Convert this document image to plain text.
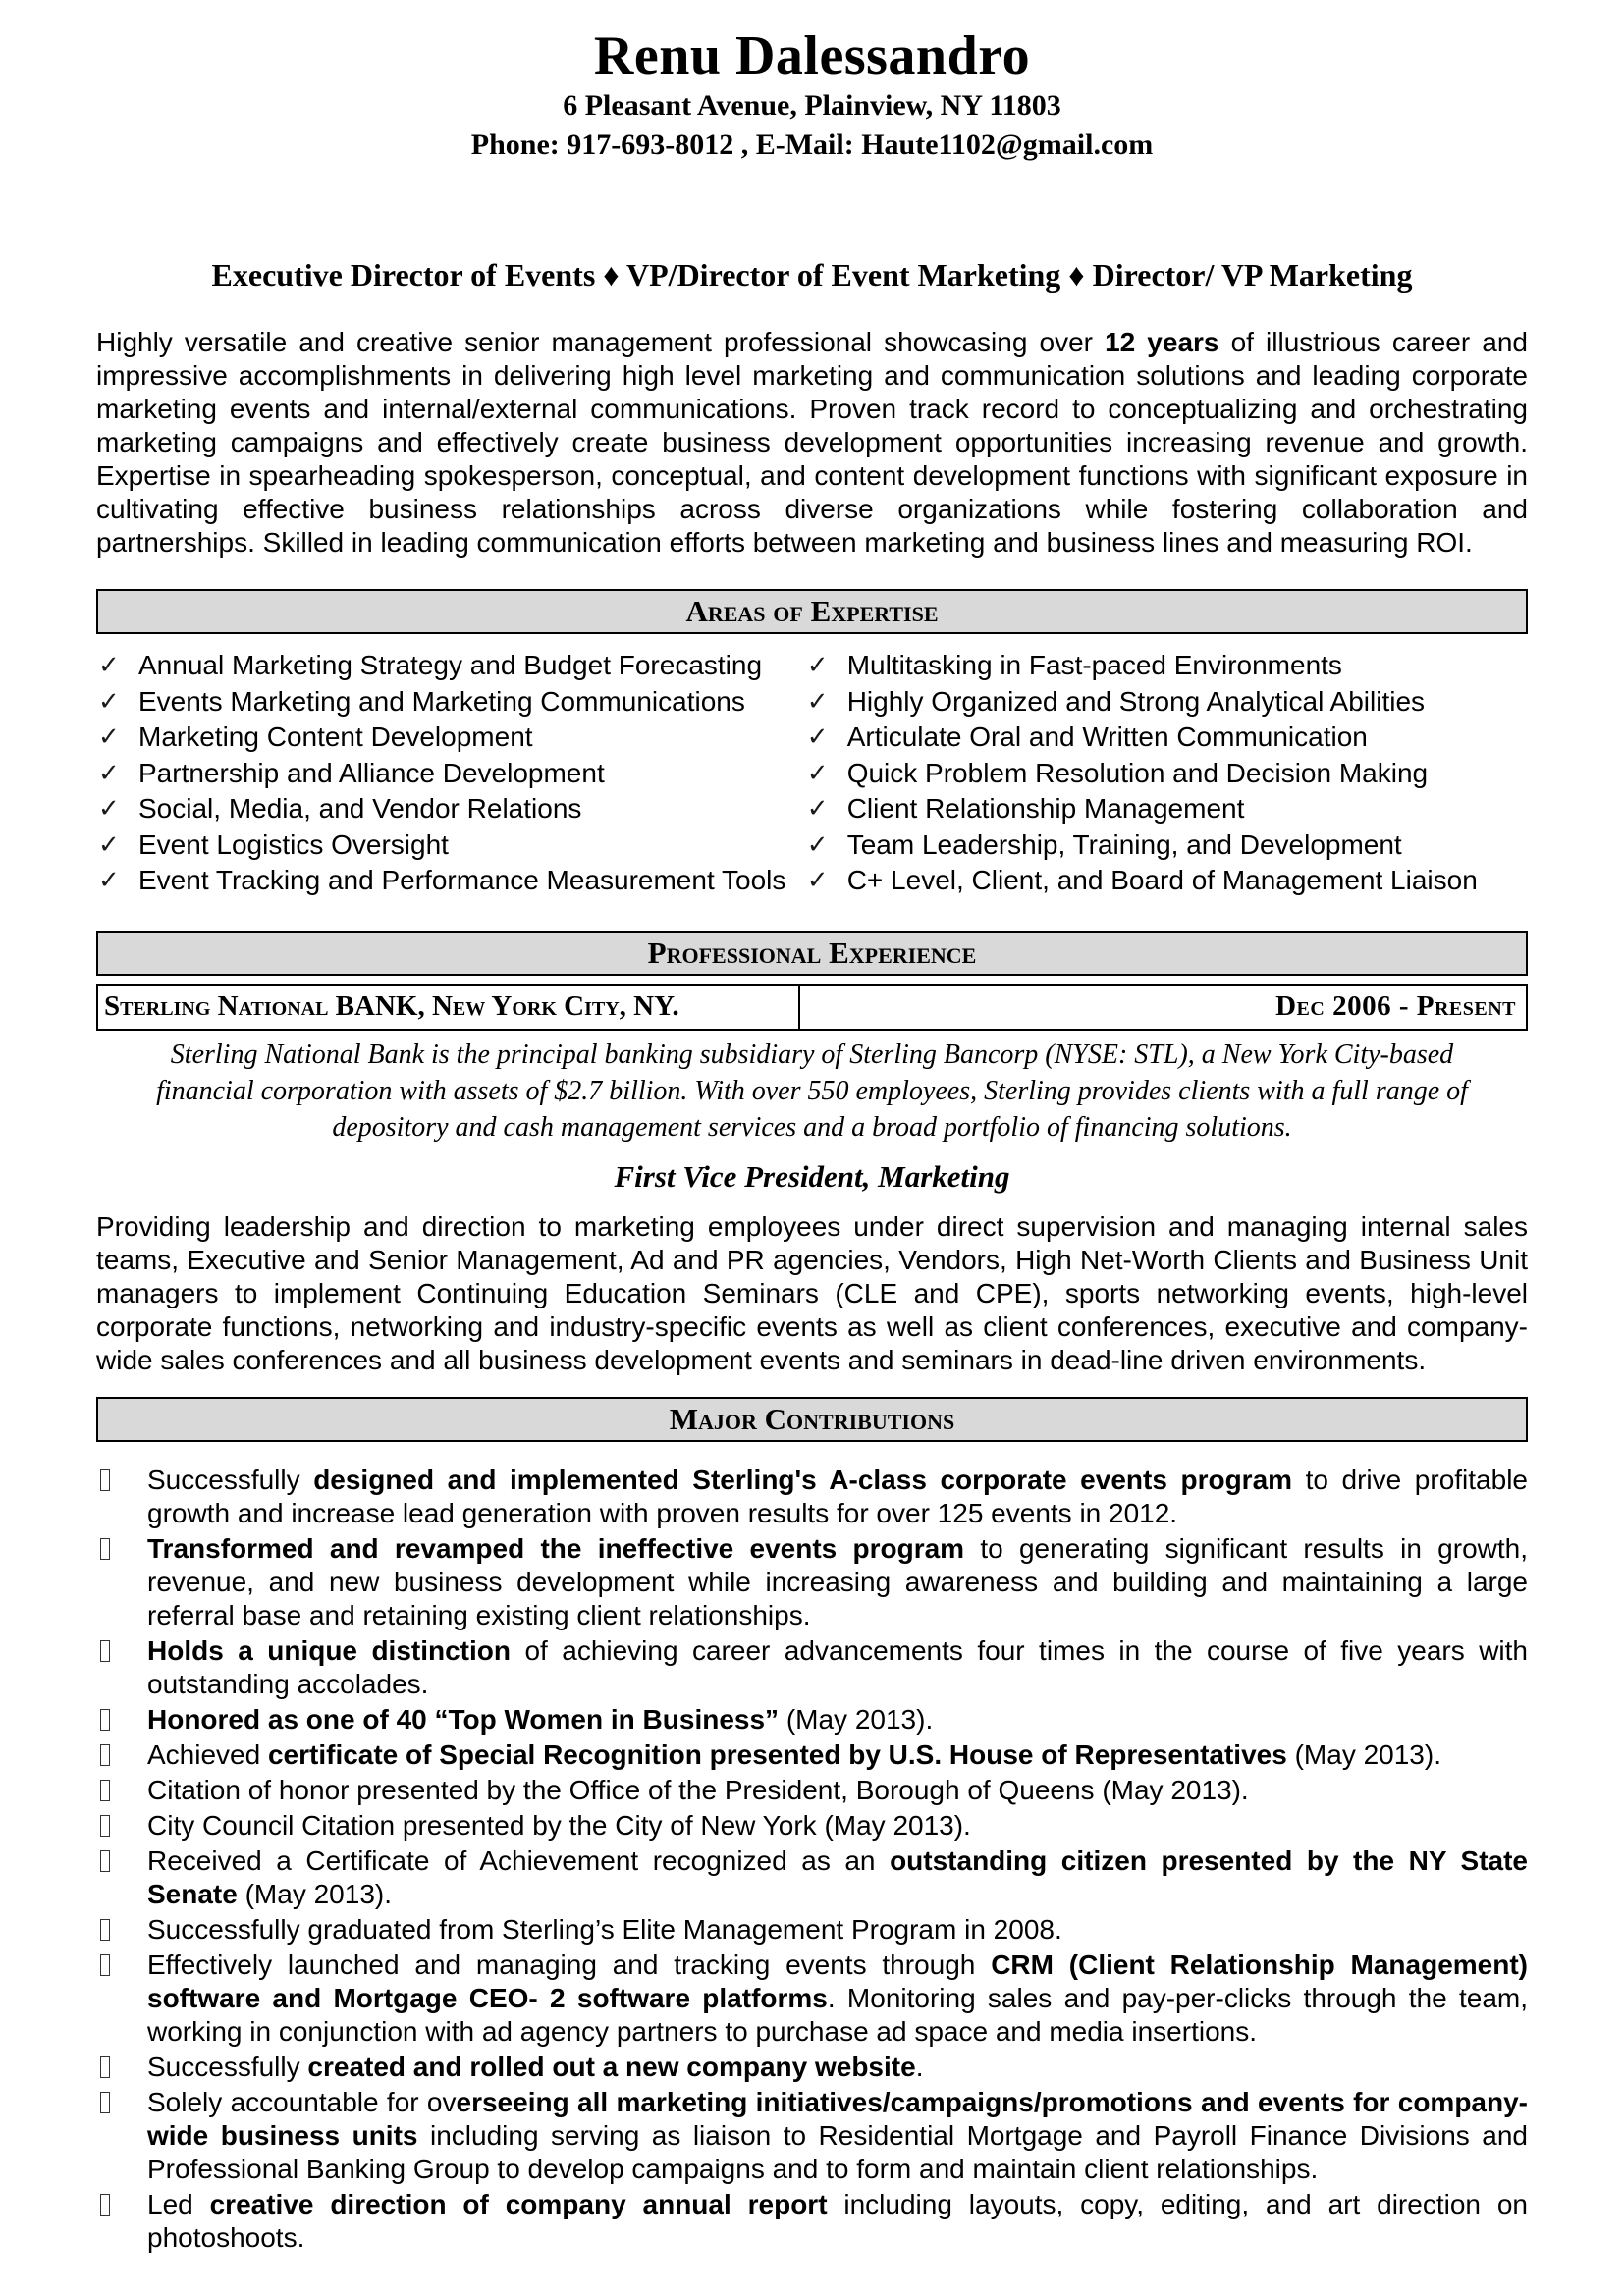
Renu Dalessandro
6 Pleasant Avenue, Plainview, NY 11803
Phone: 917-693-8012 , E-Mail: Haute1102@gmail.com
Executive Director of Events ♦ VP/Director of Event Marketing ♦ Director/ VP Marketing

Highly versatile and creative senior management professional showcasing over 12 years of illustrious career and impressive accomplishments in delivering high level marketing and communication solutions and leading corporate marketing events and internal/external communications. Proven track record to conceptualizing and orchestrating marketing campaigns and effectively create business development opportunities increasing revenue and growth. Expertise in spearheading spokesperson, conceptual, and content development functions with significant exposure in cultivating effective business relationships across diverse organizations while fostering collaboration and partnerships. Skilled in leading communication efforts between marketing and business lines and measuring ROI.

Areas of Expertise
✓ Annual Marketing Strategy and Budget Forecasting
✓ Events Marketing and Marketing Communications
✓ Marketing Content Development
✓ Partnership and Alliance Development
✓ Social, Media, and Vendor Relations
✓ Event Logistics Oversight
✓ Event Tracking and Performance Measurement Tools
✓ Multitasking in Fast-paced Environments
✓ Highly Organized and Strong Analytical Abilities
✓ Articulate Oral and Written Communication
✓ Quick Problem Resolution and Decision Making
✓ Client Relationship Management
✓ Team Leadership, Training, and Development
✓ C+ Level, Client, and Board of Management Liaison
Professional Experience
Sterling National BANK, New York City, NY.	Dec 2006 - Present

Sterling National Bank is the principal banking subsidiary of Sterling Bancorp (NYSE: STL), a New York City-based financial corporation with assets of $2.7 billion. With over 550 employees, Sterling provides clients with a full range of depository and cash management services and a broad portfolio of financing solutions.

First Vice President, Marketing

Providing leadership and direction to marketing employees under direct supervision and managing internal sales teams, Executive and Senior Management, Ad and PR agencies, Vendors, High Net-Worth Clients and Business Unit managers to implement Continuing Education Seminars (CLE and CPE), sports networking events, high-level corporate functions, networking and industry-specific events as well as client conferences, executive and company-wide sales conferences and all business development events and seminars in dead-line driven environments.

Major Contributions
Successfully designed and implemented Sterling's A-class corporate events program to drive profitable growth and increase lead generation with proven results for over 125 events in 2012.
Transformed and revamped the ineffective events program to generating significant results in growth, revenue, and new business development while increasing awareness and building and maintaining a large referral base and retaining existing client relationships.
Holds a unique distinction of achieving career advancements four times in the course of five years with outstanding accolades.
Honored as one of 40 “Top Women in Business” (May 2013).
Achieved certificate of Special Recognition presented by U.S. House of Representatives (May 2013).
Citation of honor presented by the Office of the President, Borough of Queens (May 2013).
City Council Citation presented by the City of New York (May 2013).
Received a Certificate of Achievement recognized as an outstanding citizen presented by the NY State Senate (May 2013).
Successfully graduated from Sterling’s Elite Management Program in 2008.
Effectively launched and managing and tracking events through CRM (Client Relationship Management) software and Mortgage CEO- 2 software platforms. Monitoring sales and pay-per-clicks through the team, working in conjunction with ad agency partners to purchase ad space and media insertions.
Successfully created and rolled out a new company website.
Solely accountable for overseeing all marketing initiatives/campaigns/promotions and events for company-wide business units including serving as liaison to Residential Mortgage and Payroll Finance Divisions and Professional Banking Group to develop campaigns and to form and maintain client relationships.
Led creative direction of company annual report including layouts, copy, editing, and art direction on photoshoots.
